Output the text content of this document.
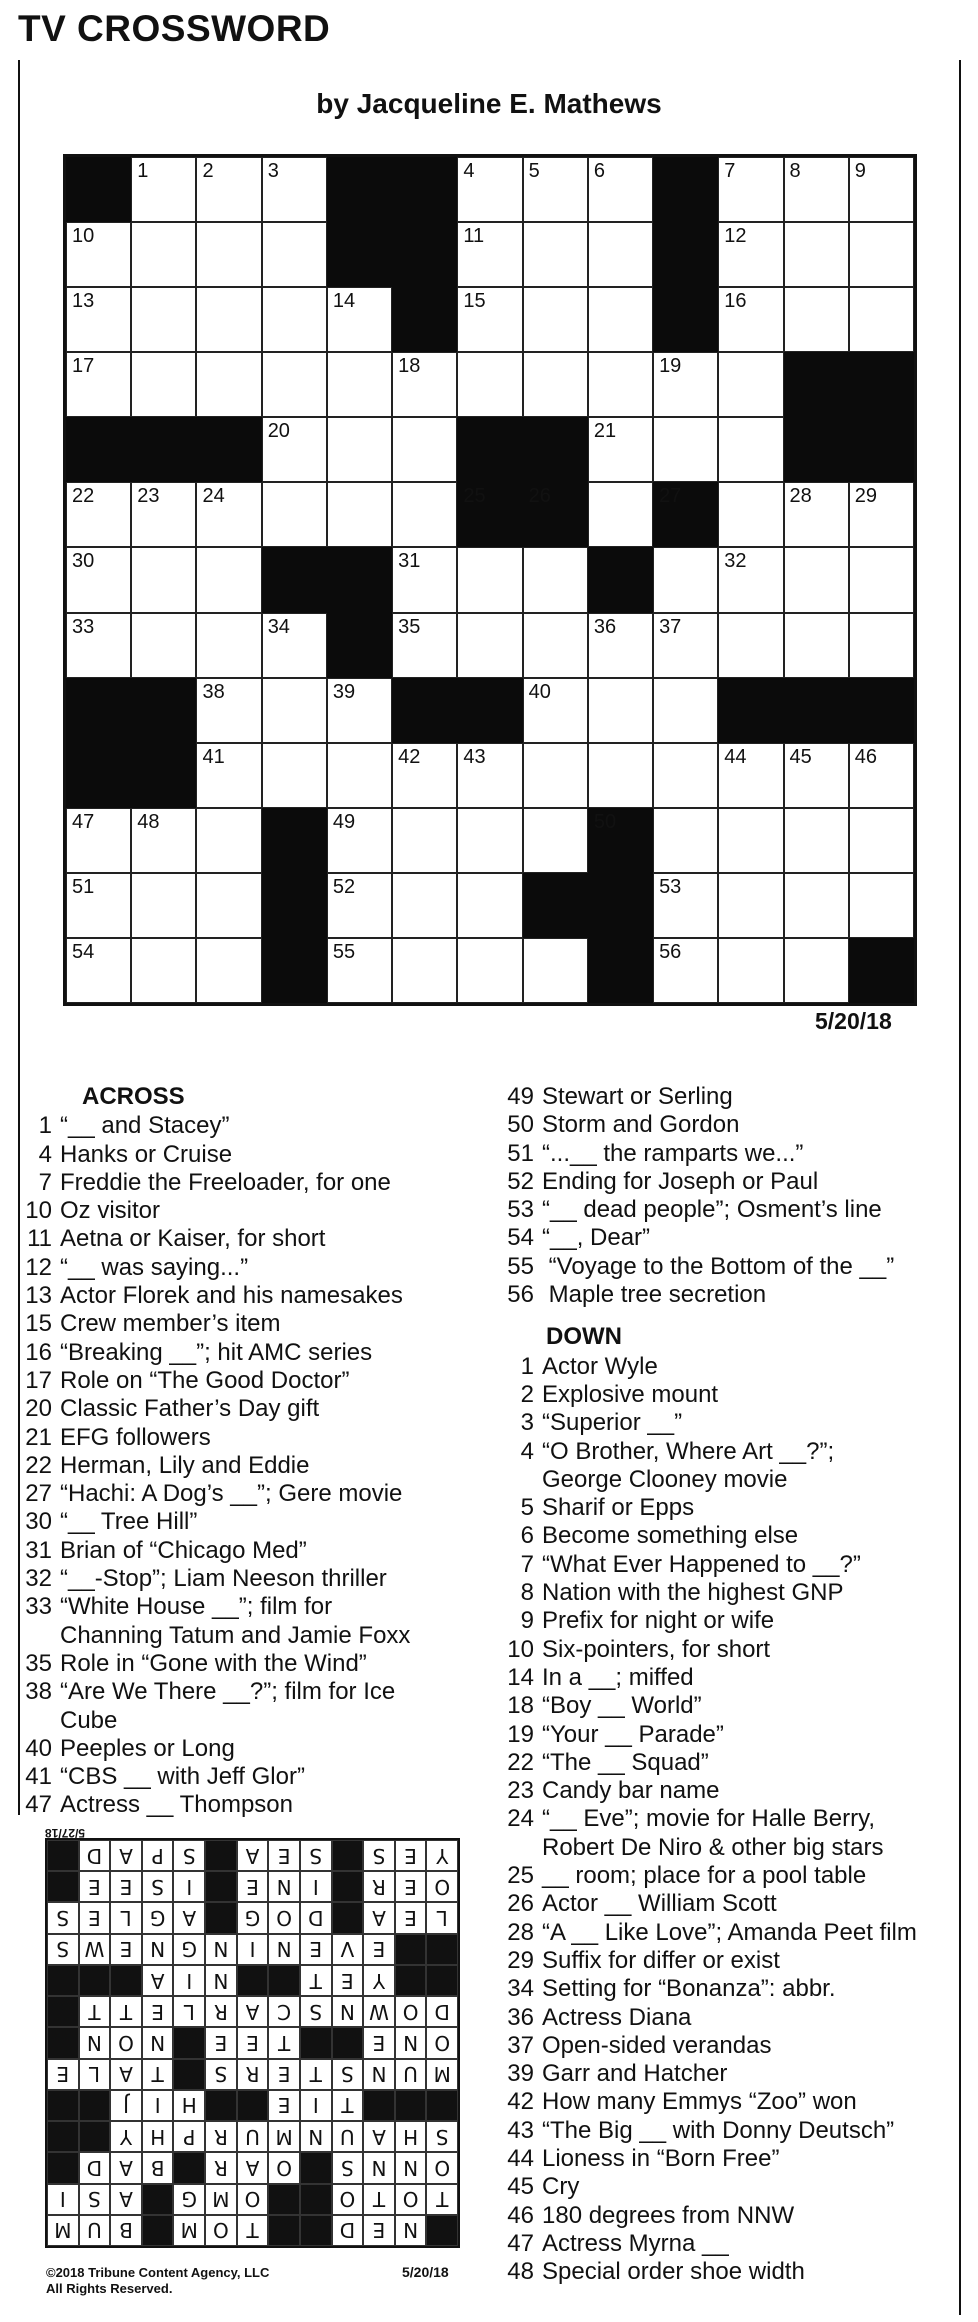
TV CROSSWORD
by Jacqueline E. Mathews
1	2	3	4	5	6	7	8	9
10	11	12
13	14	15	16
17	18	19
20	21
22 23 24	25 26	27	28 29
30	31	32
33	34	35	36 37
38	39	40
41	42 43	44 45 46
47 48	49	50
51	52	53
54	55	56
5/20/18
ACROSS
1 “__ and Stacey”
4 Hanks or Cruise
7 Freddie the Freeloader, for one
10 Oz visitor
11 Aetna or Kaiser, for short
12 “__ was saying...”
13 Actor Florek and his namesakes
15 Crew member’s item
16 “Breaking __”; hit AMC series
17 Role on “The Good Doctor”
20 Classic Father’s Day gift
21 EFG followers
22 Herman, Lily and Eddie
27 “Hachi: A Dog’s __”; Gere movie
30 “__ Tree Hill”
31 Brian of “Chicago Med”
32 “__-Stop”; Liam Neeson thriller
33 “White House __”; film for
Channing Tatum and Jamie Foxx
35 Role in “Gone with the Wind”
38 “Are We There __?”; film for Ice
Cube
40 Peeples or Long
41 “CBS __ with Jeff Glor”
47 Actress __ Thompson
49 Stewart or Serling
50 Storm and Gordon
51 “...__ the ramparts we...”
52 Ending for Joseph or Paul
53 “__ dead people”; Osment’s line
54 “__, Dear”
55 “Voyage to the Bottom of the __”
56 Maple tree secretion
DOWN
1 Actor Wyle
2 Explosive mount
3 “Superior __”
4 “O Brother, Where Art __?”;
George Clooney movie
5 Sharif or Epps
6 Become something else
7 “What Ever Happened to __?”
8 Nation with the highest GNP
9 Prefix for night or wife
10 Six-pointers, for short
14 In a __; miffed
18 “Boy __ World”
19 “Your __ Parade”
22 “The __ Squad”
23 Candy bar name
24 “__ Eve”; movie for Halle Berry,
Robert De Niro & other big stars
25 __ room; place for a pool table
26 Actor __ William Scott
28 “A __ Like Love”; Amanda Peet film
29 Suffix for differ or exist
34 Setting for “Bonanza”: abbr.
36 Actress Diana
37 Open-sided verandas
39 Garr and Hatcher
42 How many Emmys “Zoo” won
43 “The Big __ with Donny Deutsch”
44 Lioness in “Born Free”
45 Cry
46 180 degrees from NNW
47 Actress Myrna __
48 Special order shoe width
N
E
D
T
O
M
B
U
M
T
O
T
O
O
M
G
A
S
I
O
N
N
S
O
A
R
B
A
D
S
H
A
U
N
M
U
R
P
H
Y
T
I
E
H
I
J
M
U
N
S
T
E
R
S
T
A
L
E
O
N
E
T
E
E
N
O
N
D
O
W
N
S
C
A
R
L
E
T
T
Y
E
T
N
I
A
E
V
E
N
I
N
G
N
E
W
S
L
E
A
D
O
G
A
G
L
E
S
O
E
R
I
N
E
I
S
E
E
Y
E
S
S
E
A
S
P
A
D
5/27/18
©2018 Tribune Content Agency, LLC
All Rights Reserved.
5/20/18
